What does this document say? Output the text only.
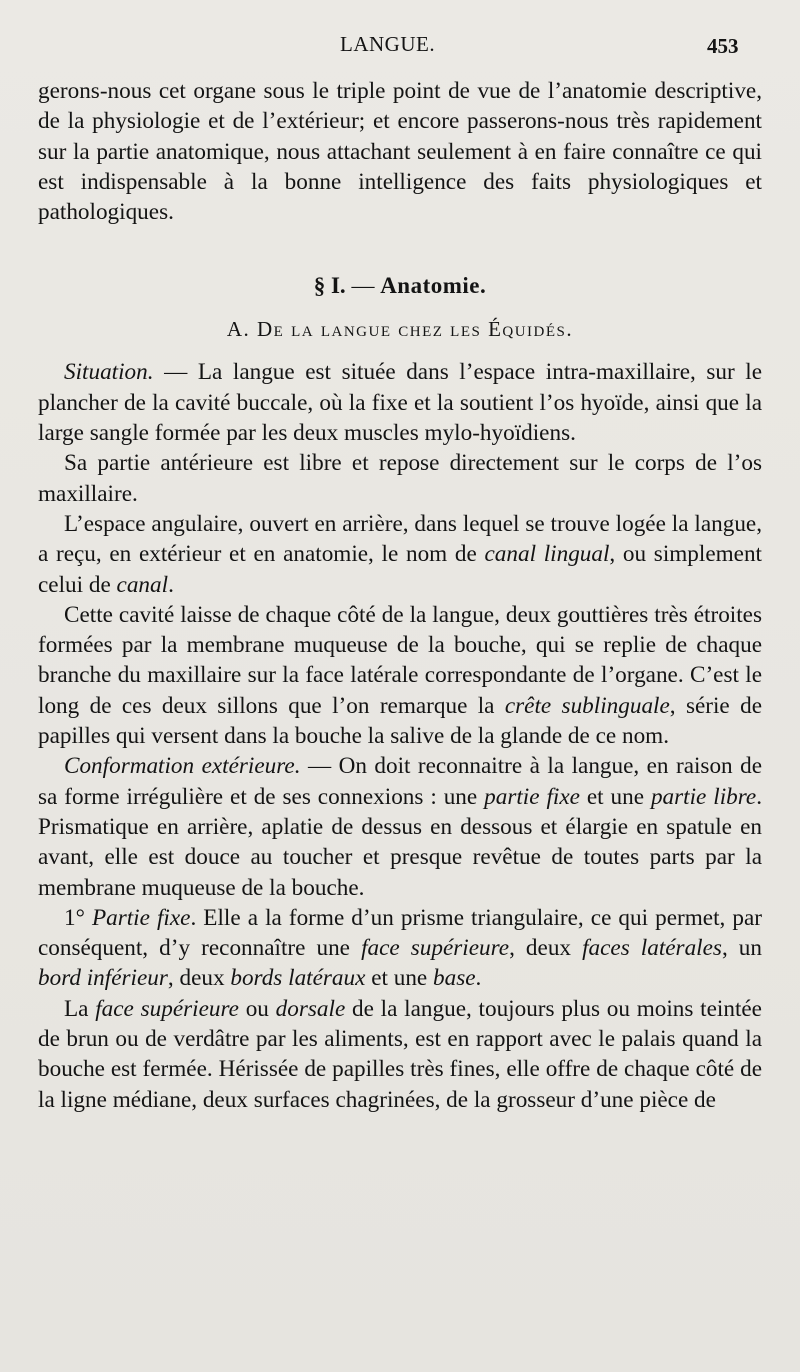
LANGUE.	453

gerons-nous cet organe sous le triple point de vue de l’anatomie descriptive, de la physiologie et de l’extérieur; et encore passerons-nous très rapidement sur la partie anatomique, nous attachant seulement à en faire connaître ce qui est indispensable à la bonne intelligence des faits physiologiques et pathologiques.

§ I. — Anatomie.
A. De la langue chez les Équidés.

Situation. — La langue est située dans l’espace intra-maxillaire, sur le plancher de la cavité buccale, où la fixe et la soutient l’os hyoïde, ainsi que la large sangle formée par les deux muscles mylo-hyoïdiens.

Sa partie antérieure est libre et repose directement sur le corps de l’os maxillaire.

L’espace angulaire, ouvert en arrière, dans lequel se trouve logée la langue, a reçu, en extérieur et en anatomie, le nom de canal lingual, ou simplement celui de canal.

Cette cavité laisse de chaque côté de la langue, deux gouttières très étroites formées par la membrane muqueuse de la bouche, qui se replie de chaque branche du maxillaire sur la face latérale correspondante de l’organe. C’est le long de ces deux sillons que l’on remarque la crête sublinguale, série de papilles qui versent dans la bouche la salive de la glande de ce nom.

Conformation extérieure. — On doit reconnaitre à la langue, en raison de sa forme irrégulière et de ses connexions : une partie fixe et une partie libre. Prismatique en arrière, aplatie de dessus en dessous et élargie en spatule en avant, elle est douce au toucher et presque revêtue de toutes parts par la membrane muqueuse de la bouche.

1° Partie fixe. Elle a la forme d’un prisme triangulaire, ce qui permet, par conséquent, d’y reconnaître une face supérieure, deux faces latérales, un bord inférieur, deux bords latéraux et une base.

La face supérieure ou dorsale de la langue, toujours plus ou moins teintée de brun ou de verdâtre par les aliments, est en rapport avec le palais quand la bouche est fermée. Hérissée de papilles très fines, elle offre de chaque côté de la ligne médiane, deux surfaces chagrinées, de la grosseur d’une pièce de
